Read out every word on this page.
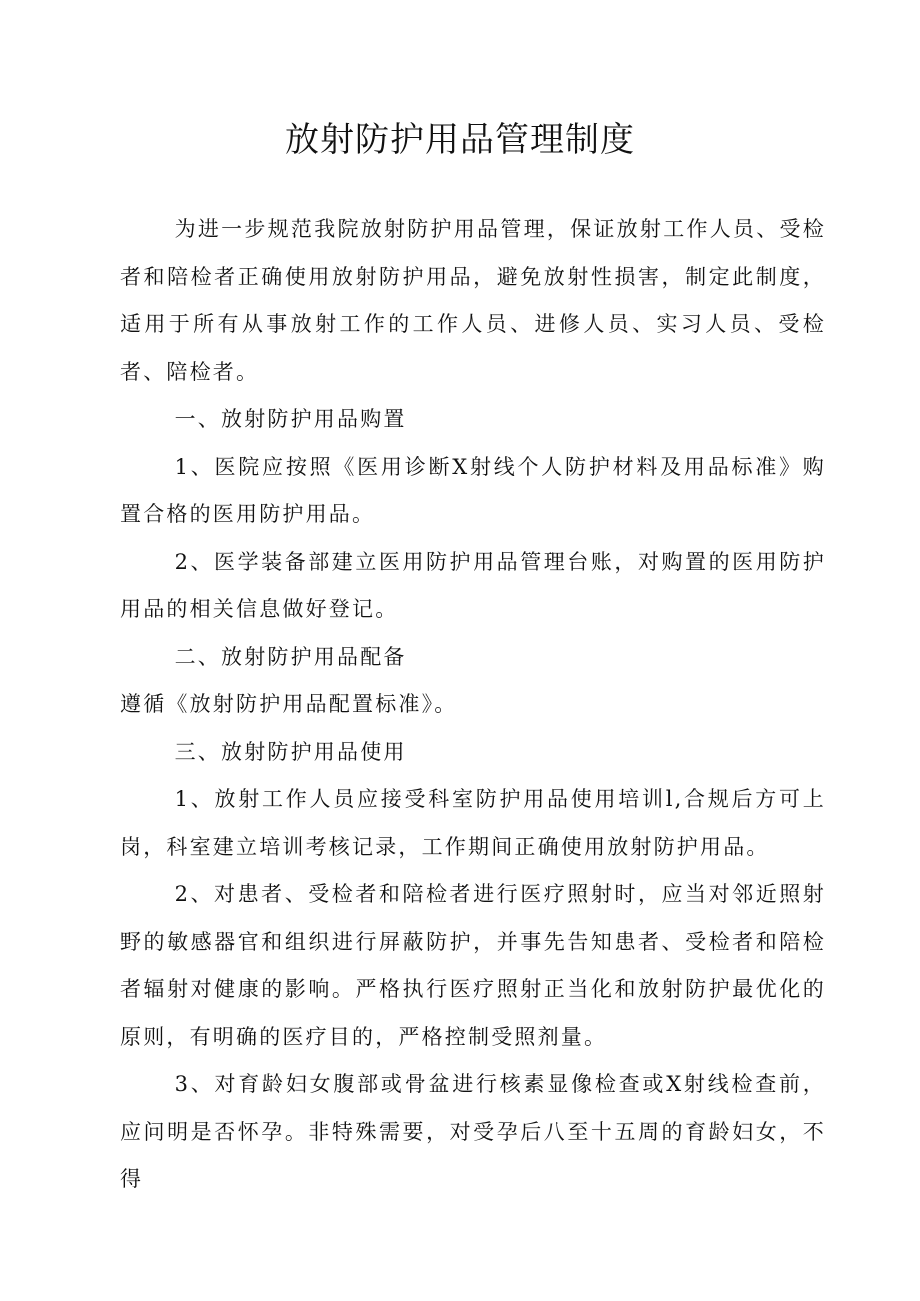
放射防护用品管理制度

为进一步规范我院放射防护用品管理，保证放射工作人员、受检者和陪检者正确使用放射防护用品，避免放射性损害，制定此制度，适用于所有从事放射工作的工作人员、进修人员、实习人员、受检者、陪检者。

一、放射防护用品购置

1、医院应按照《医用诊断X射线个人防护材料及用品标准》购置合格的医用防护用品。

2、医学装备部建立医用防护用品管理台账，对购置的医用防护用品的相关信息做好登记。

二、放射防护用品配备

遵循《放射防护用品配置标准》。

三、放射防护用品使用

1、放射工作人员应接受科室防护用品使用培训l,合规后方可上岗，科室建立培训考核记录，工作期间正确使用放射防护用品。

2、对患者、受检者和陪检者进行医疗照射时，应当对邻近照射野的敏感器官和组织进行屏蔽防护，并事先告知患者、受检者和陪检者辐射对健康的影响。严格执行医疗照射正当化和放射防护最优化的原则，有明确的医疗目的，严格控制受照剂量。

3、对育龄妇女腹部或骨盆进行核素显像检查或X射线检查前，应问明是否怀孕。非特殊需要，对受孕后八至十五周的育龄妇女，不得
